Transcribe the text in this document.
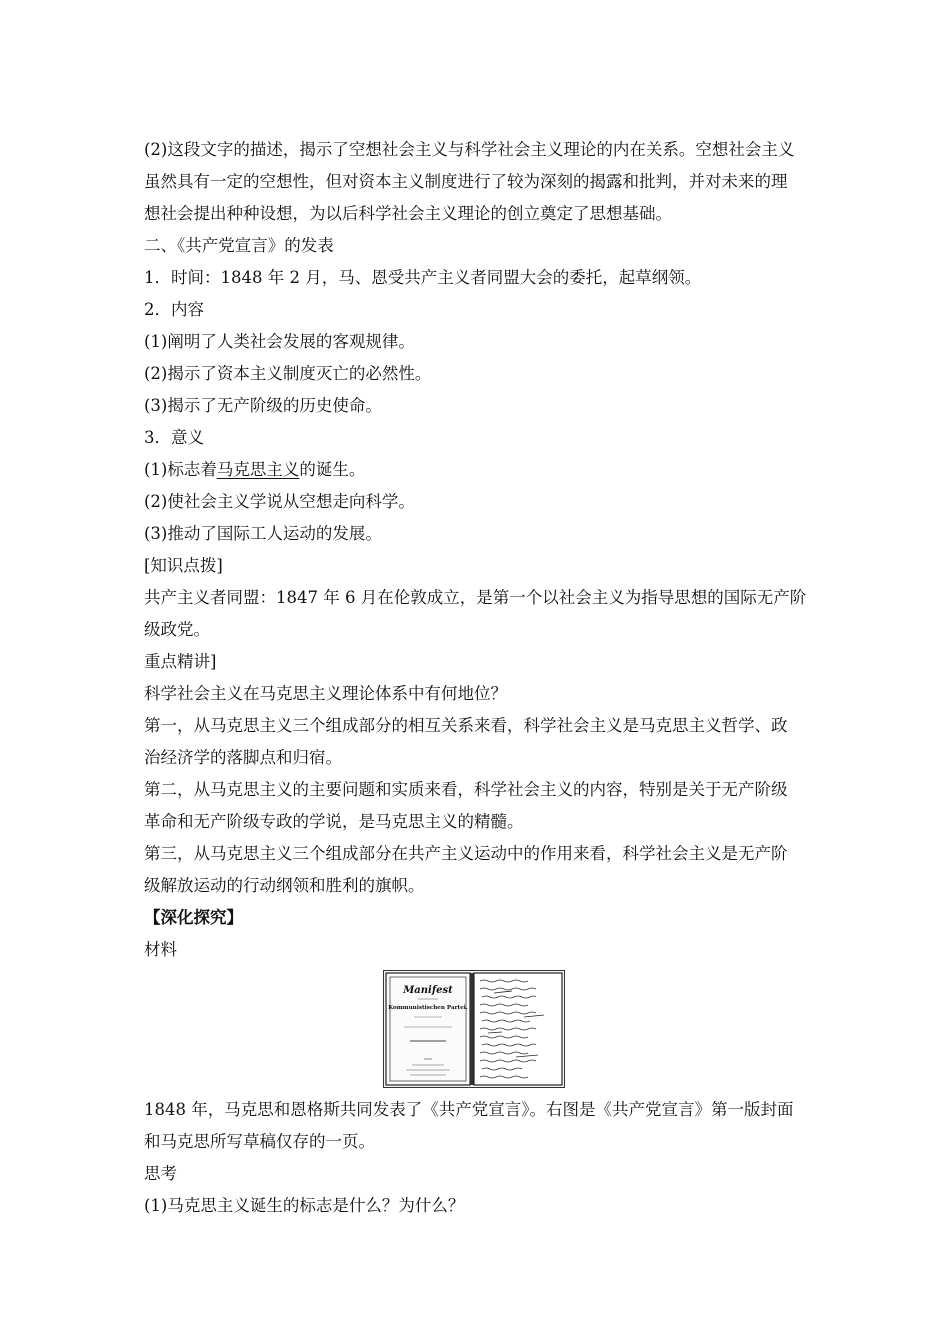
(2)这段文字的描述，揭示了空想社会主义与科学社会主义理论的内在关系。空想社会主义
虽然具有一定的空想性，但对资本主义制度进行了较为深刻的揭露和批判，并对未来的理
想社会提出种种设想，为以后科学社会主义理论的创立奠定了思想基础。
二、《共产党宣言》的发表
1．时间：1848 年 2 月，马、恩受共产主义者同盟大会的委托，起草纲领。
2．内容
(1)阐明了人类社会发展的客观规律。
(2)揭示了资本主义制度灭亡的必然性。
(3)揭示了无产阶级的历史使命。
3．意义
(1)标志着马克思主义的诞生。
(2)使社会主义学说从空想走向科学。
(3)推动了国际工人运动的发展。
[知识点拨]
共产主义者同盟：1847 年 6 月在伦敦成立，是第一个以社会主义为指导思想的国际无产阶
级政党。
重点精讲]
科学社会主义在马克思主义理论体系中有何地位？
第一，从马克思主义三个组成部分的相互关系来看，科学社会主义是马克思主义哲学、政
治经济学的落脚点和归宿。
第二，从马克思主义的主要问题和实质来看，科学社会主义的内容，特别是关于无产阶级
革命和无产阶级专政的学说，是马克思主义的精髓。
第三，从马克思主义三个组成部分在共产主义运动中的作用来看，科学社会主义是无产阶
级解放运动的行动纲领和胜利的旗帜。
【深化探究】
材料
Manifest
Kommunistischen Partei.
1848 年，马克思和恩格斯共同发表了《共产党宣言》。右图是《共产党宣言》第一版封面
和马克思所写草稿仅存的一页。
思考
(1)马克思主义诞生的标志是什么？为什么？
